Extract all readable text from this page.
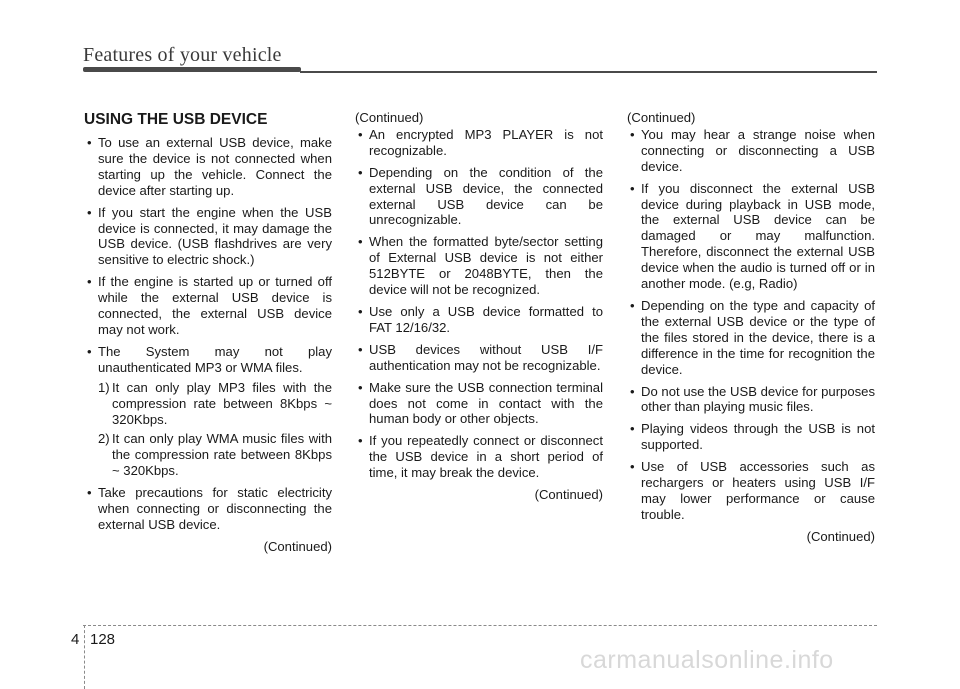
Features of your vehicle
USING THE USB DEVICE
• To use an external USB device, make sure the device is not connected when starting up the vehicle. Connect the device after starting up.
• If you start the engine when the USB device is connected, it may damage the USB device. (USB flashdrives are very sensitive to electric shock.)
• If the engine is started up or turned off while the external USB device is connected, the external USB device may not work.
• The System may not play unauthenticated MP3 or WMA files.
1) It can only play MP3 files with the compression rate between 8Kbps ~ 320Kbps.
2) It can only play WMA music files with the compression rate between 8Kbps ~ 320Kbps.
• Take precautions for static electricity when connecting or disconnecting the external USB device.
(Continued)
(Continued)
• An encrypted MP3 PLAYER is not recognizable.
• Depending on the condition of the external USB device, the connected external USB device can be unrecognizable.
• When the formatted byte/sector setting of External USB device is not either 512BYTE or 2048BYTE, then the device will not be recognized.
• Use only a USB device formatted to FAT 12/16/32.
• USB devices without USB I/F authentication may not be recognizable.
• Make sure the USB connection terminal does not come in contact with the human body or other objects.
• If you repeatedly connect or disconnect the USB device in a short period of time, it may break the device.
(Continued)
(Continued)
• You may hear a strange noise when connecting or disconnecting a USB device.
• If you disconnect the external USB device during playback in USB mode, the external USB device can be damaged or may malfunction. Therefore, disconnect the external USB device when the audio is turned off or in another mode. (e.g, Radio)
• Depending on the type and capacity of the external USB device or the type of the files stored in the device, there is a difference in the time for recognition the device.
• Do not use the USB device for purposes other than playing music files.
• Playing videos through the USB is not supported.
• Use of USB accessories such as rechargers or heaters using USB I/F may lower performance or cause trouble.
(Continued)
4 128
carmanualsonline.info
